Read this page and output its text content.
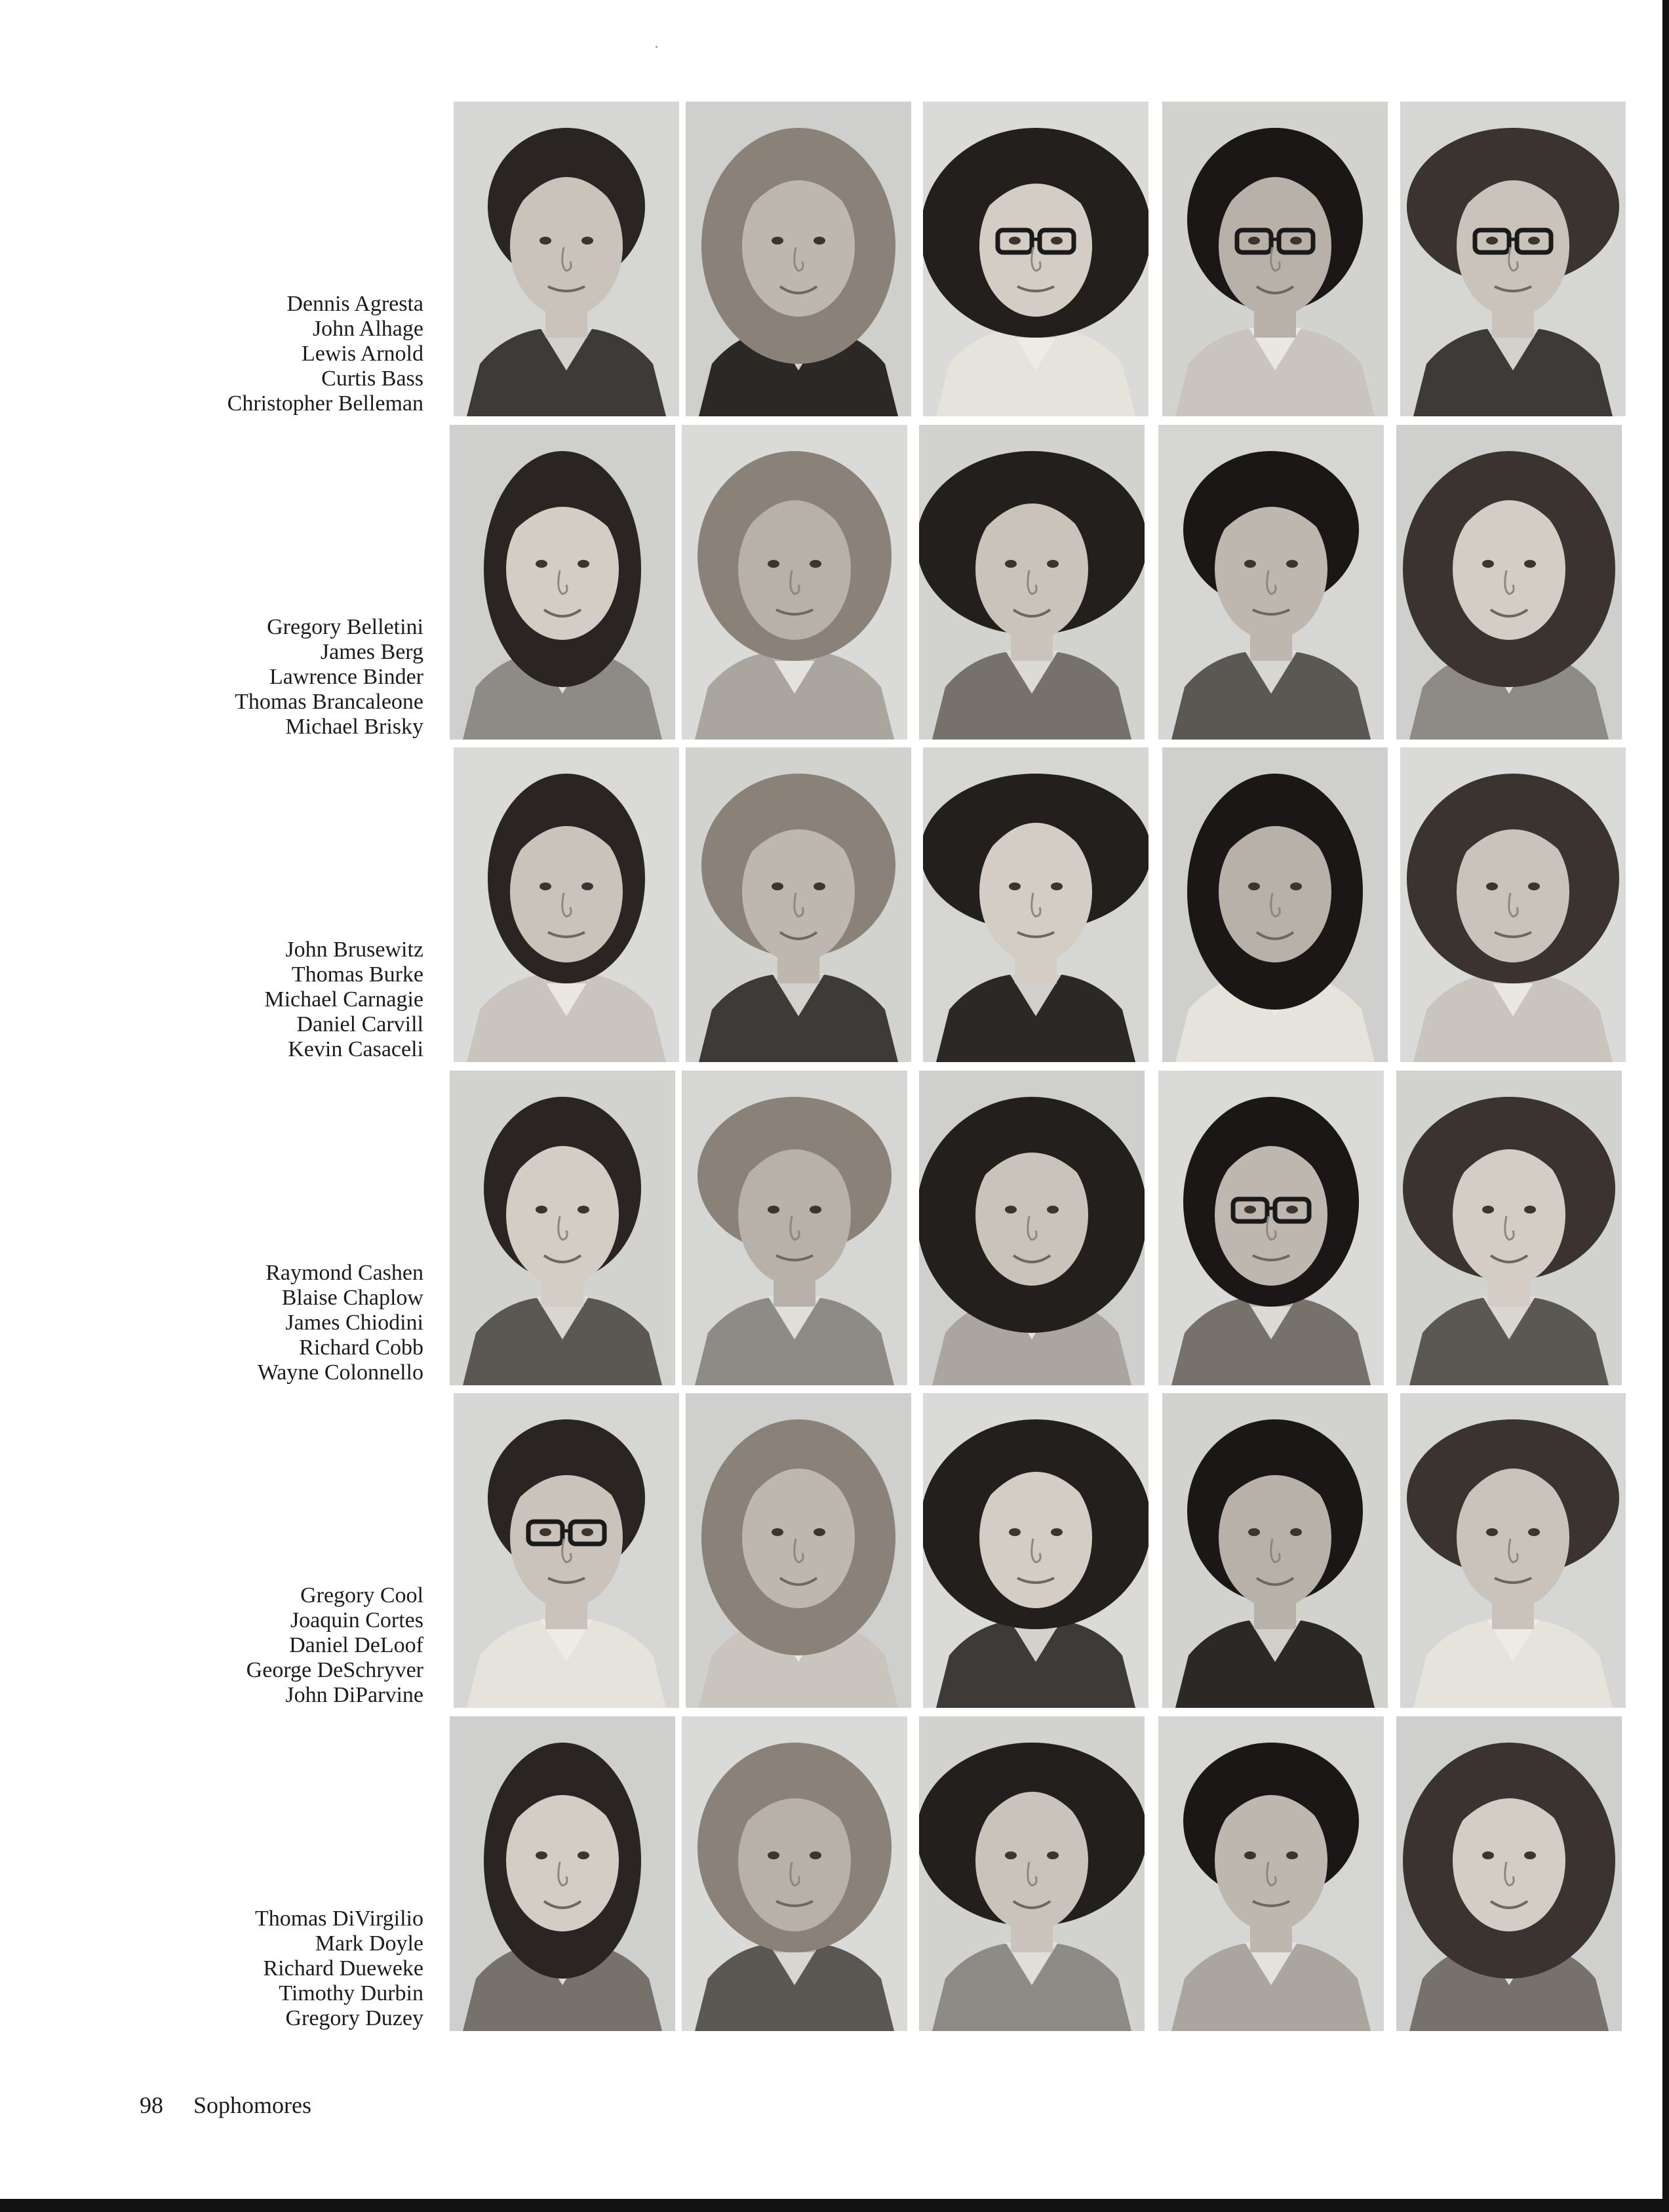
Dennis Agresta
John Alhage
Lewis Arnold
Curtis Bass
Christopher Belleman
Gregory Belletini
James Berg
Lawrence Binder
Thomas Brancaleone
Michael Brisky
John Brusewitz
Thomas Burke
Michael Carnagie
Daniel Carvill
Kevin Casaceli
Raymond Cashen
Blaise Chaplow
James Chiodini
Richard Cobb
Wayne Colonnello
Gregory Cool
Joaquin Cortes
Daniel DeLoof
George DeSchryver
John DiParvine
Thomas DiVirgilio
Mark Doyle
Richard Dueweke
Timothy Durbin
Gregory Duzey
98 Sophomores
